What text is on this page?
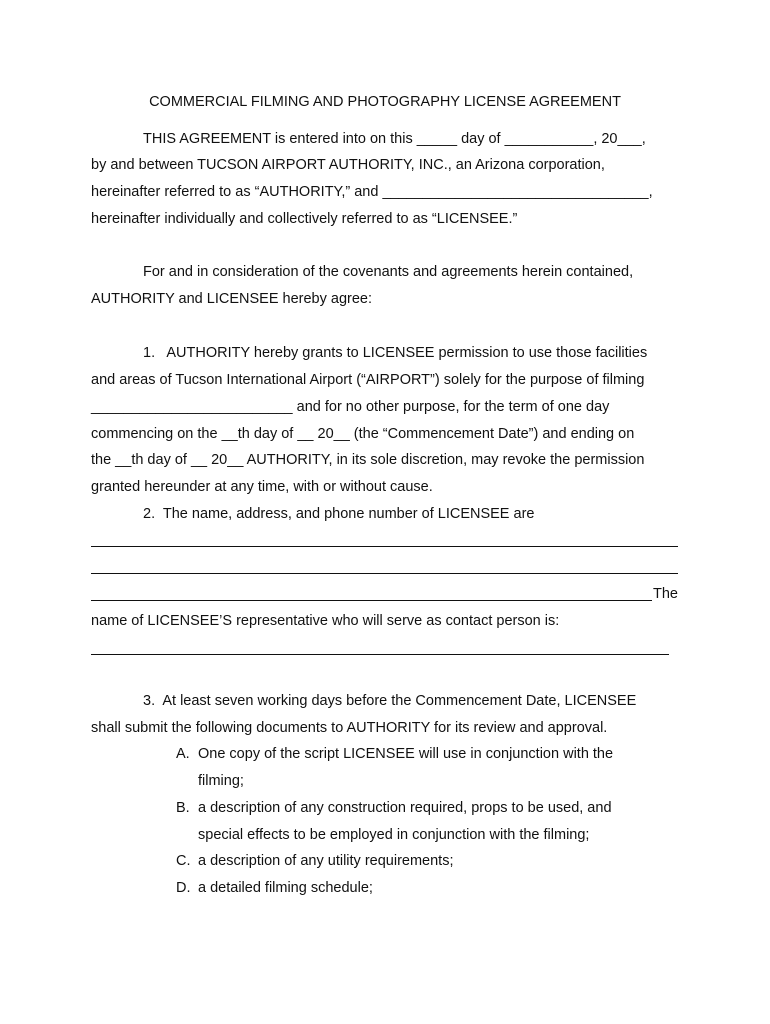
COMMERCIAL FILMING AND PHOTOGRAPHY LICENSE AGREEMENT
THIS AGREEMENT is entered into on this _____ day of ___________, 20___,
by and between TUCSON AIRPORT AUTHORITY, INC., an Arizona corporation,
hereinafter referred to as “AUTHORITY,” and _________________________________,
hereinafter individually and collectively referred to as “LICENSEE.”
For and in consideration of the covenants and agreements herein contained,
AUTHORITY and LICENSEE hereby agree:
1.   AUTHORITY hereby grants to LICENSEE permission to use those facilities
and areas of Tucson International Airport (“AIRPORT”) solely for the purpose of filming
_________________________ and for no other purpose, for the term of one day
commencing on the __th day of __ 20__ (the “Commencement Date”) and ending on
the __th day of __ 20__ AUTHORITY, in its sole discretion, may revoke the permission
granted hereunder at any time, with or without cause.
2.  The name, address, and phone number of LICENSEE are
The
name of LICENSEE’S representative who will serve as contact person is:
3.  At least seven working days before the Commencement Date, LICENSEE
shall submit the following documents to AUTHORITY for its review and approval.
A. One copy of the script LICENSEE will use in conjunction with the
filming;
B. a description of any construction required, props to be used, and
special effects to be employed in conjunction with the filming;
C. a description of any utility requirements;
D. a detailed filming schedule;
